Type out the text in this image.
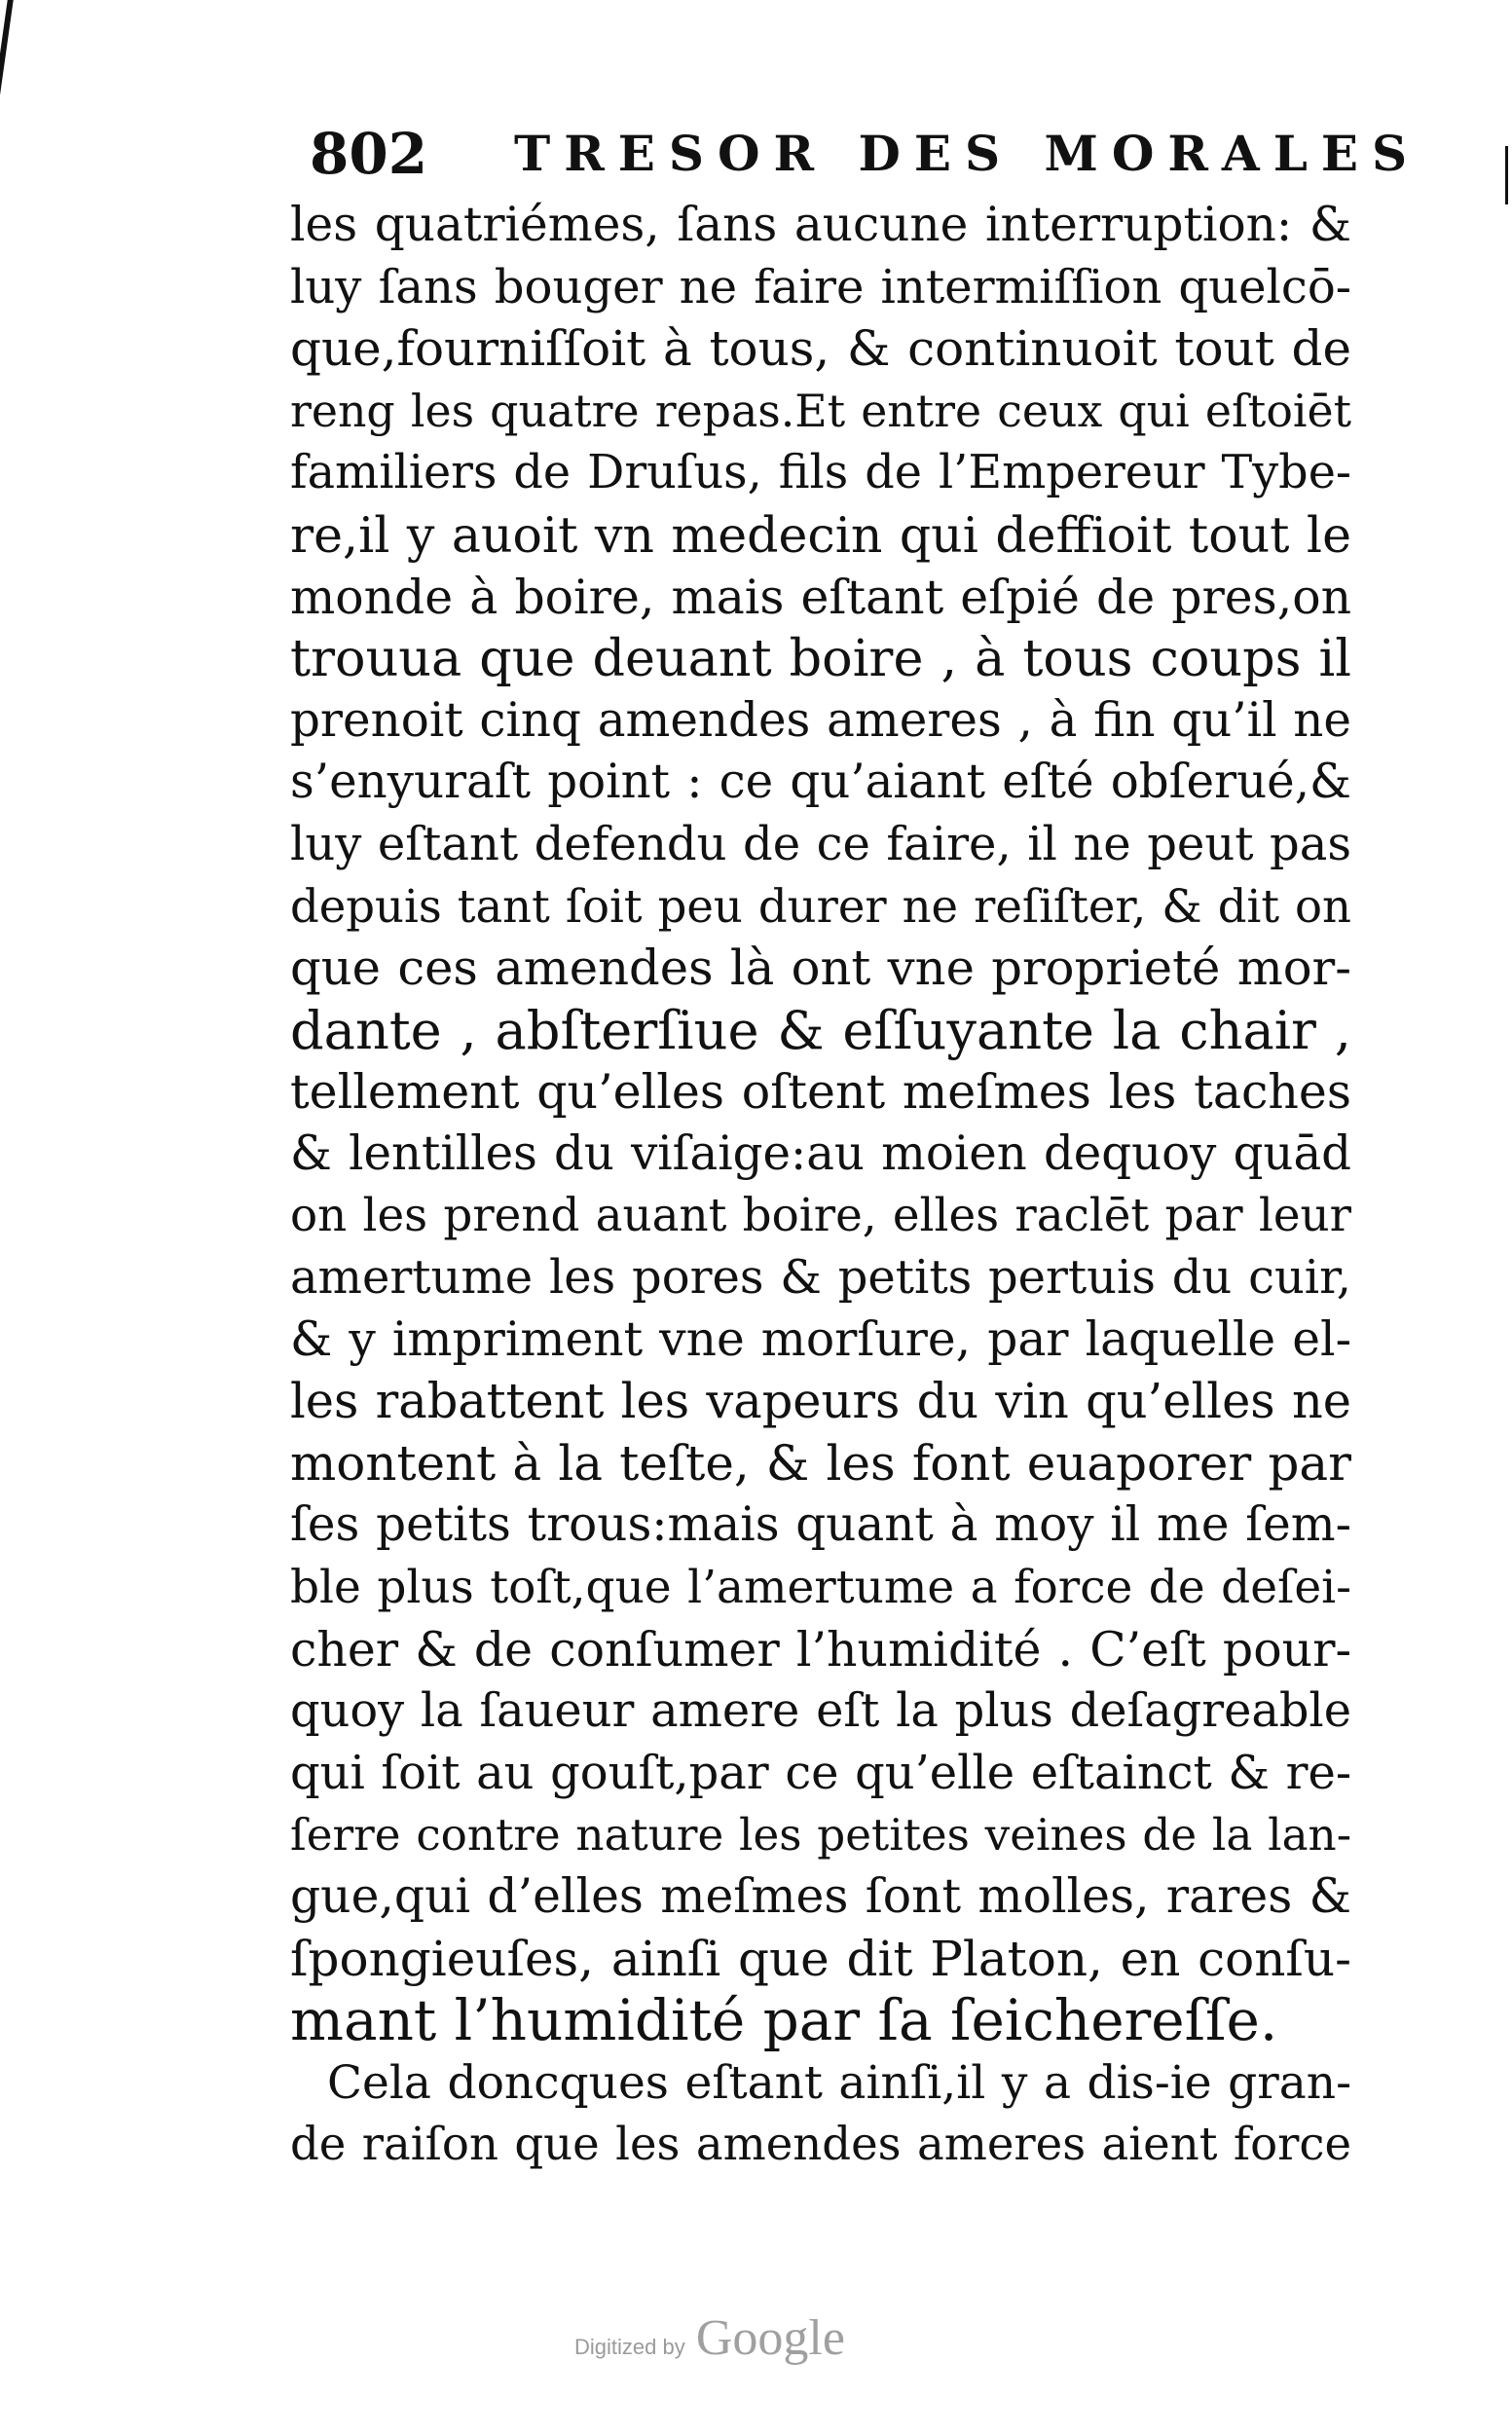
802 TRESOR DES MORALES
les quatriémes, ſans aucune interruption: &
luy ſans bouger ne faire intermiſſion quelcō-
que,fourniſſoit à tous, & continuoit tout de
reng les quatre repas.Et entre ceux qui eſtoiēt
familiers de Druſus, fils de l’Empereur Tybe-
re,il y auoit vn medecin qui deffioit tout le
monde à boire, mais eſtant eſpié de pres,on
trouua que deuant boire , à tous coups il
prenoit cinq amendes ameres , à fin qu’il ne
s’enyuraſt point : ce qu’aiant eſté obſerué,&
luy eſtant defendu de ce faire, il ne peut pas
depuis tant ſoit peu durer ne reſiſter, & dit on
que ces amendes là ont vne proprieté mor-
dante , abſterſiue & eſſuyante la chair ,
tellement qu’elles oſtent meſmes les taches
& lentilles du viſaige:au moien dequoy quād
on les prend auant boire, elles raclēt par leur
amertume les pores & petits pertuis du cuir,
& y impriment vne morſure, par laquelle el-
les rabattent les vapeurs du vin qu’elles ne
montent à la teſte, & les font euaporer par
ſes petits trous:mais quant à moy il me ſem-
ble plus toſt,que l’amertume a force de deſei-
cher & de conſumer l’humidité . C’eſt pour-
quoy la ſaueur amere eſt la plus deſagreable
qui ſoit au gouſt,par ce qu’elle eſtainct & re-
ſerre contre nature les petites veines de la lan-
gue,qui d’elles meſmes ſont molles, rares &
ſpongieuſes, ainſi que dit Platon, en conſu-
mant l’humidité par ſa ſeichereſſe.
Cela doncques eſtant ainſi,il y a dis-ie gran-
de raiſon que les amendes ameres aient force
Digitized by Google
